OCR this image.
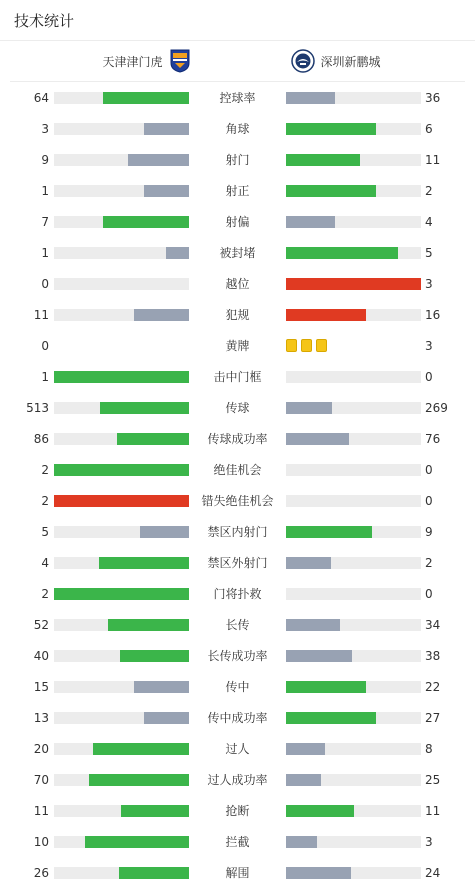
技术统计
天津津门虎	深圳新鹏城
64	控球率	36
3	角球	6
9	射门	11
1	射正	2
7	射偏	4
1	被封堵	5
0	越位	3
11	犯规	16
0	黄牌	3
1	击中门框	0
513	传球	269
86	传球成功率	76
2	绝佳机会	0
2	错失绝佳机会	0
5	禁区内射门	9
4	禁区外射门	2
2	门将扑救	0
52	长传	34
40	长传成功率	38
15	传中	22
13	传中成功率	27
20	过人	8
70	过人成功率	25
11	抢断	11
10	拦截	3
26	解围	24
